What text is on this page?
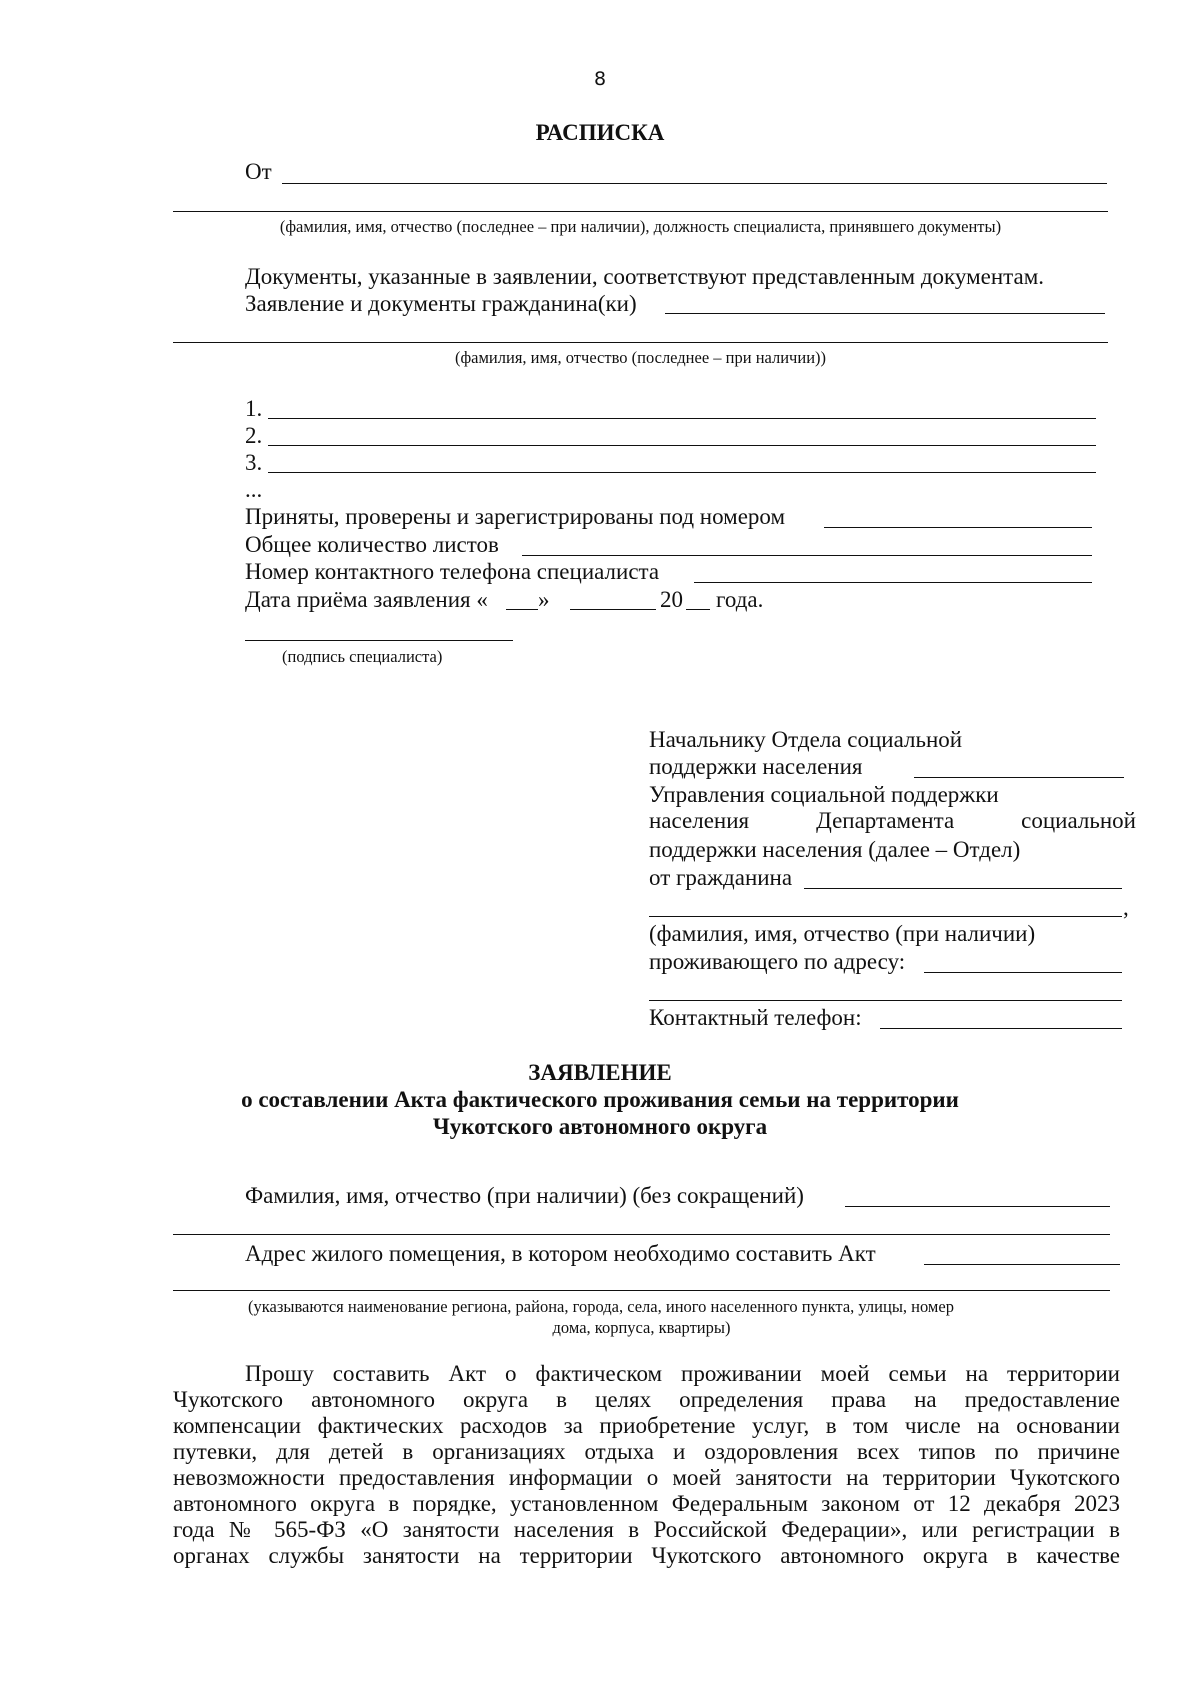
8
РАСПИСКА
От
(фамилия, имя, отчество (последнее – при наличии), должность специалиста, принявшего документы)
Документы, указанные в заявлении, соответствуют представленным документам.
Заявление и документы гражданина(ки)
(фамилия, имя, отчество (последнее – при наличии))
1.
2.
3.
...
Приняты, проверены и зарегистрированы под номером
Общее количество листов
Номер контактного телефона специалиста
Дата приёма заявления « »	20 года.
(подпись специалиста)
Начальнику Отдела социальной
поддержки населения
Управления социальной поддержки
населения	Департамента	социальной
поддержки населения (далее – Отдел)
от гражданина
,
(фамилия, имя, отчество (при наличии)
проживающего по адресу:
Контактный телефон:
ЗАЯВЛЕНИЕ
о составлении Акта фактического проживания семьи на территории
Чукотского автономного округа
Фамилия, имя, отчество (при наличии) (без сокращений)
Адрес жилого помещения, в котором необходимо составить Акт
(указываются наименование региона, района, города, села, иного населенного пункта, улицы, номер
дома, корпуса, квартиры)
Прошу составить Акт о фактическом проживании моей семьи на территории
Чукотского автономного округа в целях определения права на предоставление
компенсации фактических расходов за приобретение услуг, в том числе на основании
путевки, для детей в организациях отдыха и оздоровления всех типов по причине
невозможности предоставления информации о моей занятости на территории Чукотского
автономного округа в порядке, установленном Федеральным законом от 12 декабря 2023
года № 565-ФЗ «О занятости населения в Российской Федерации», или регистрации в
органах службы занятости на территории Чукотского автономного округа в качестве
